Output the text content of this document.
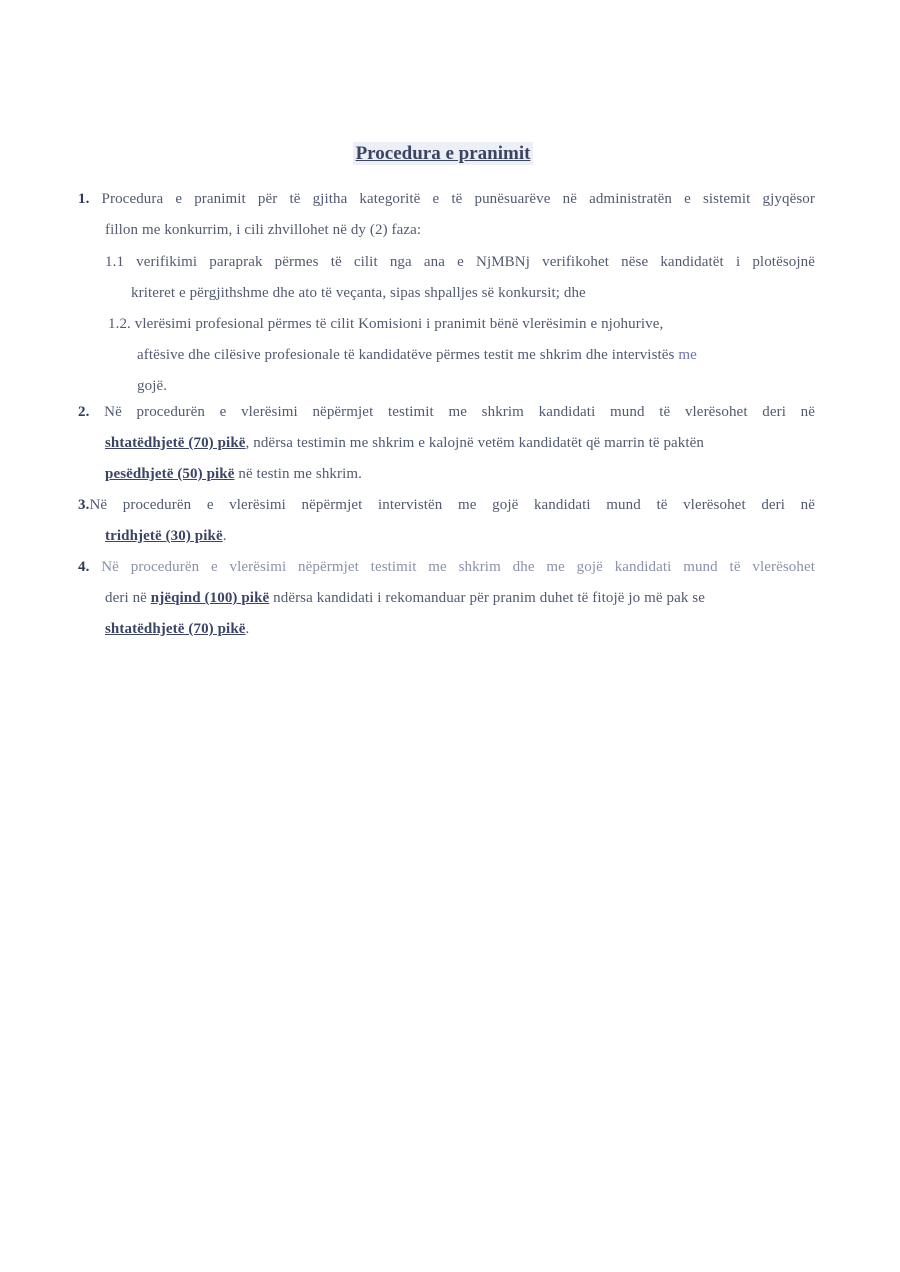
Procedura e pranimit
1. Procedura e pranimit për të gjitha kategoritë e të punësuarëve në administratën e sistemit gjyqësor
fillon me konkurrim, i cili zhvillohet në dy (2) faza:
1.1 verifikimi paraprak përmes të cilit nga ana e NjMBNj verifikohet nëse kandidatët i plotësojnë
kriteret e përgjithshme dhe ato të veçanta, sipas shpalljes së konkursit; dhe
1.2. vlerësimi profesional përmes të cilit Komisioni i pranimit bënë vlerësimin e njohurive,
aftësive dhe cilësive profesionale të kandidatëve përmes testit me shkrim dhe intervistës me
gojë.
2. Në procedurën e vlerësimi nëpërmjet testimit me shkrim kandidati mund të vlerësohet deri në
shtatëdhjetë (70) pikë, ndërsa testimin me shkrim e kalojnë vetëm kandidatët që marrin të paktën
pesëdhjetë (50) pikë në testin me shkrim.
3.Në procedurën e vlerësimi nëpërmjet intervistën me gojë kandidati mund të vlerësohet deri në
tridhjetë (30) pikë.
4. Në procedurën e vlerësimi nëpërmjet testimit me shkrim dhe me gojë kandidati mund të vlerësohet
deri në njëqind (100) pikë ndërsa kandidati i rekomanduar për pranim duhet të fitojë jo më pak se
shtatëdhjetë (70) pikë.
